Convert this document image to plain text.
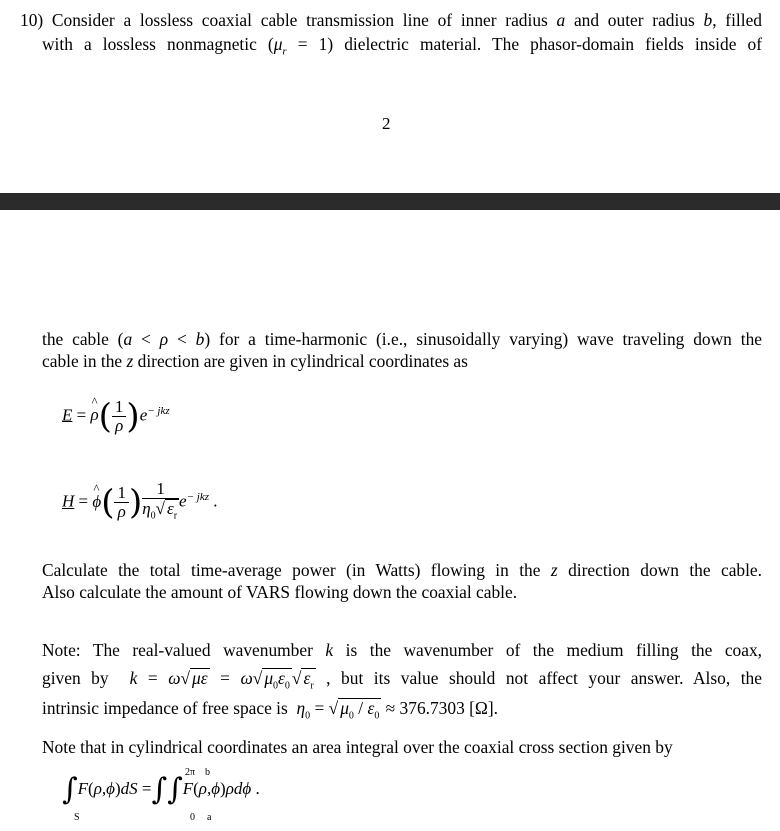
10) Consider a lossless coaxial cable transmission line of inner radius a and outer radius b, filled
with a lossless nonmagnetic $(\mu_r = 1)$ dielectric material. The phasor-domain fields inside of
2
the cable (a < ρ < b) for a time-harmonic (i.e., sinusoidally varying) wave traveling down the
cable in the z direction are given in cylindrical coordinates as
E = ρ ^( $\frac{1}{\rho} )e^{- jkz}$
H = ϕ ^( $\frac{1}{\rho}$ ) $\frac{1}{\eta_0√ \varepsilon_r} e^{- jkz}$ .
Calculate the total time-average power (in Watts) flowing in the z direction down the cable.
Also calculate the amount of VARS flowing down the coaxial cable.
Note: The real-valued wavenumber k is the wavenumber of the medium filling the coax,
given by  k = ω√ με = ω√ $\mu_0\varepsilon_0$ √ $\varepsilon_r$ , but its value should not affect your answer. Also, the
intrinsic impedance of free space is  $\eta_0$ = √ $\mu_0 / \varepsilon_0 \approx 376.7303$ [Ω].
Note that in cylindrical coordinates an area integral over the coaxial cross section given by
∫F(ρ,ϕ)dS =∫∫F(ρ,ϕ)ρdϕ .
S
2π b
0 a
